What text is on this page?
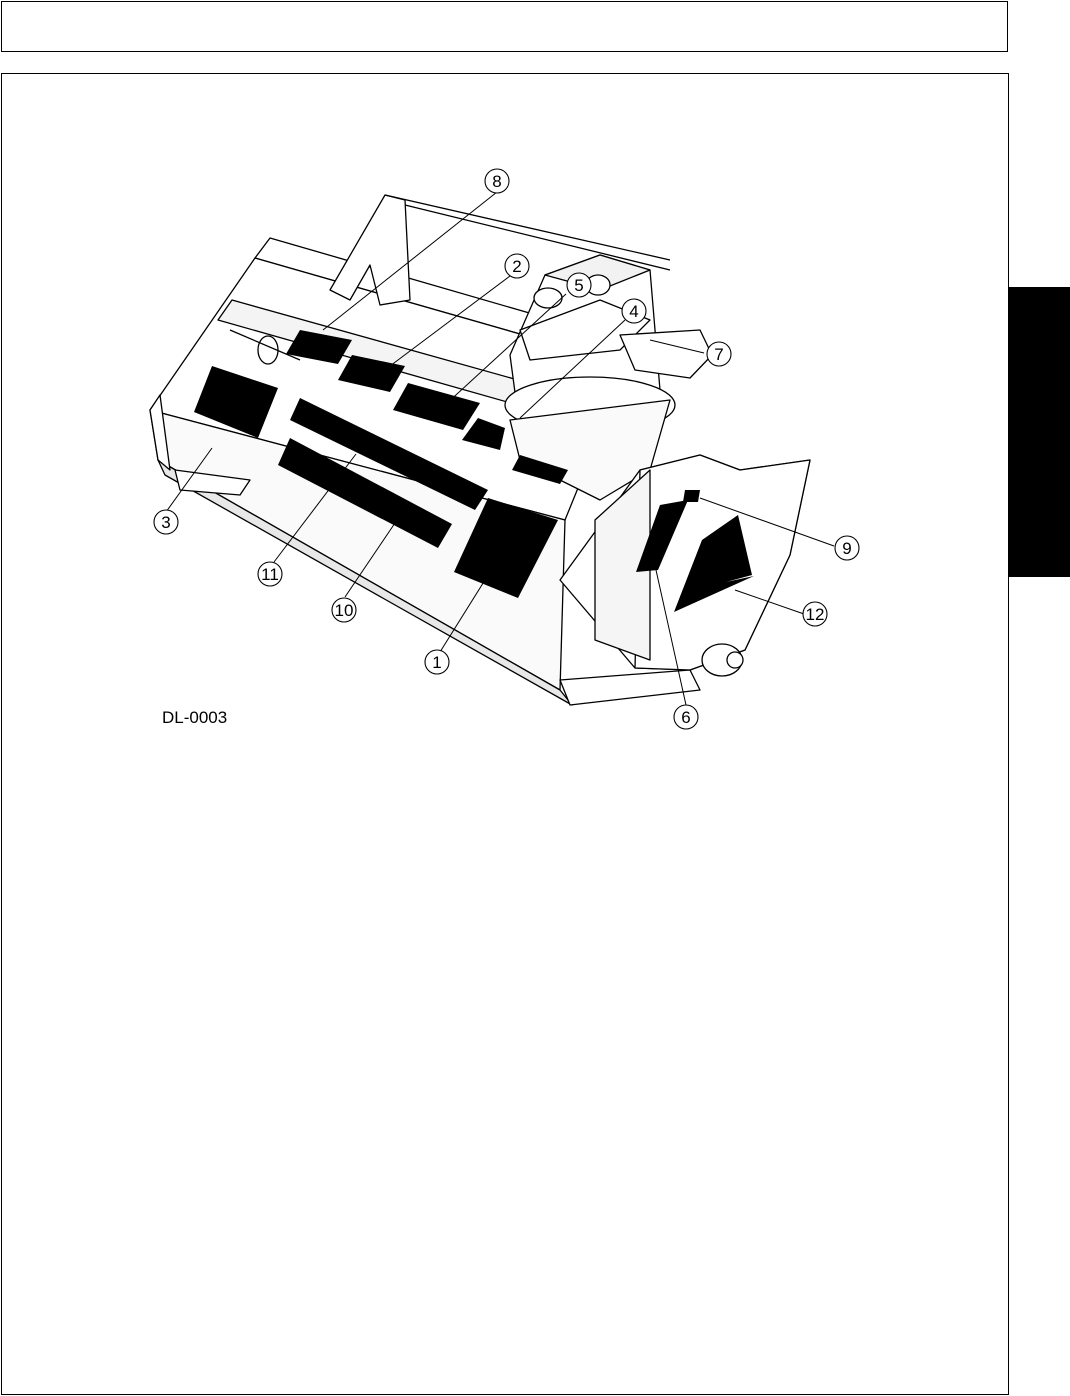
8
2
5
4
7
3
11
10
1
9
12
6
DL-0003
